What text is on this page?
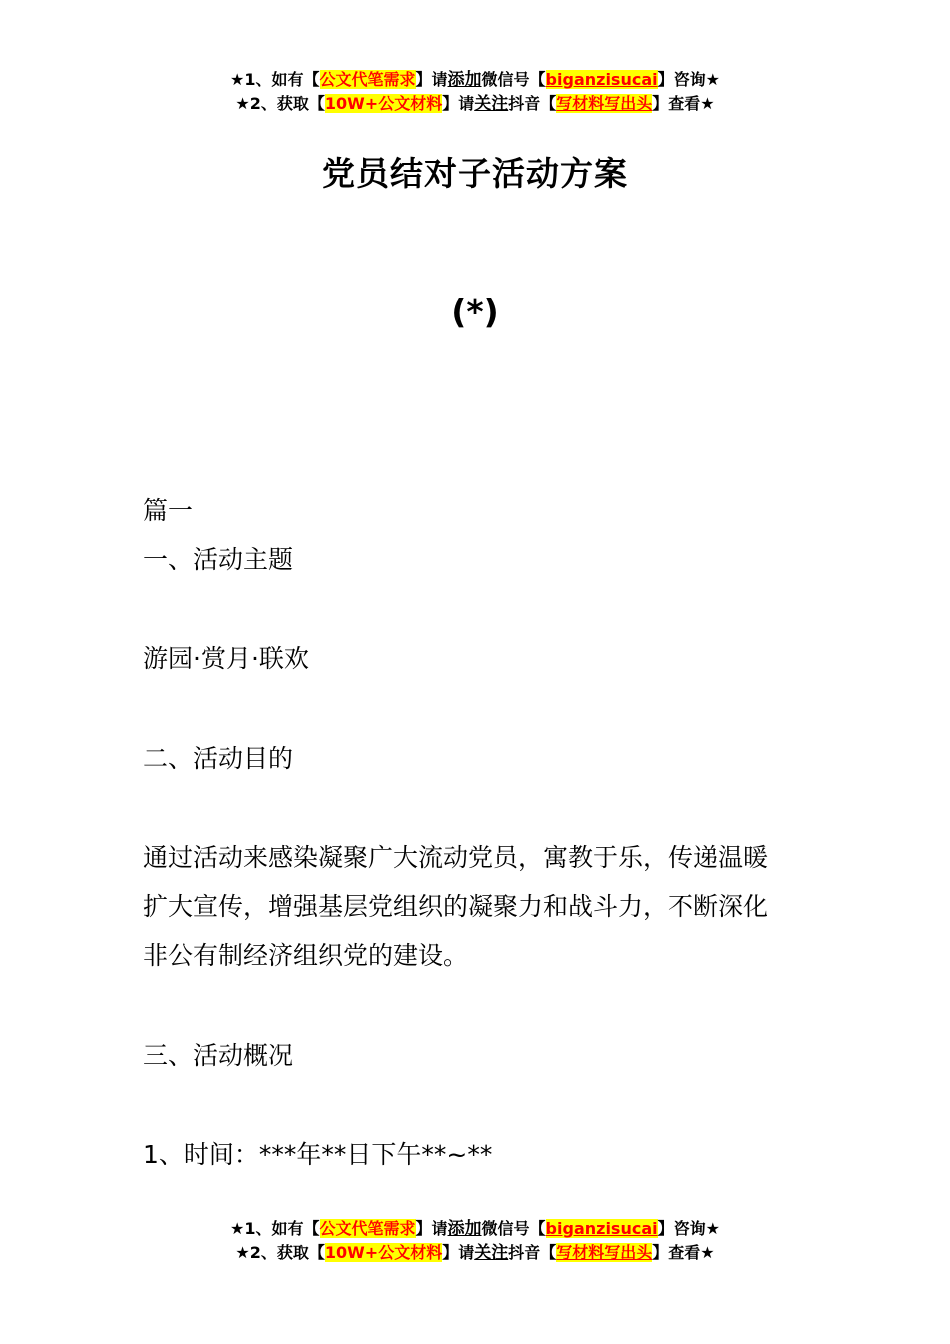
★1、如有【公文代笔需求】请添加微信号【biganzisucai】咨询★
★2、获取【10W+公文材料】请关注抖音【写材料写出头】查看★
党员结对子活动方案
(*)
篇一
一、活动主题
游园·赏月·联欢
二、活动目的
通过活动来感染凝聚广大流动党员，寓教于乐，传递温暖
扩大宣传，增强基层党组织的凝聚力和战斗力，不断深化
非公有制经济组织党的建设。
三、活动概况
1、时间：***年**日下午**~**
★1、如有【公文代笔需求】请添加微信号【biganzisucai】咨询★
★2、获取【10W+公文材料】请关注抖音【写材料写出头】查看★
